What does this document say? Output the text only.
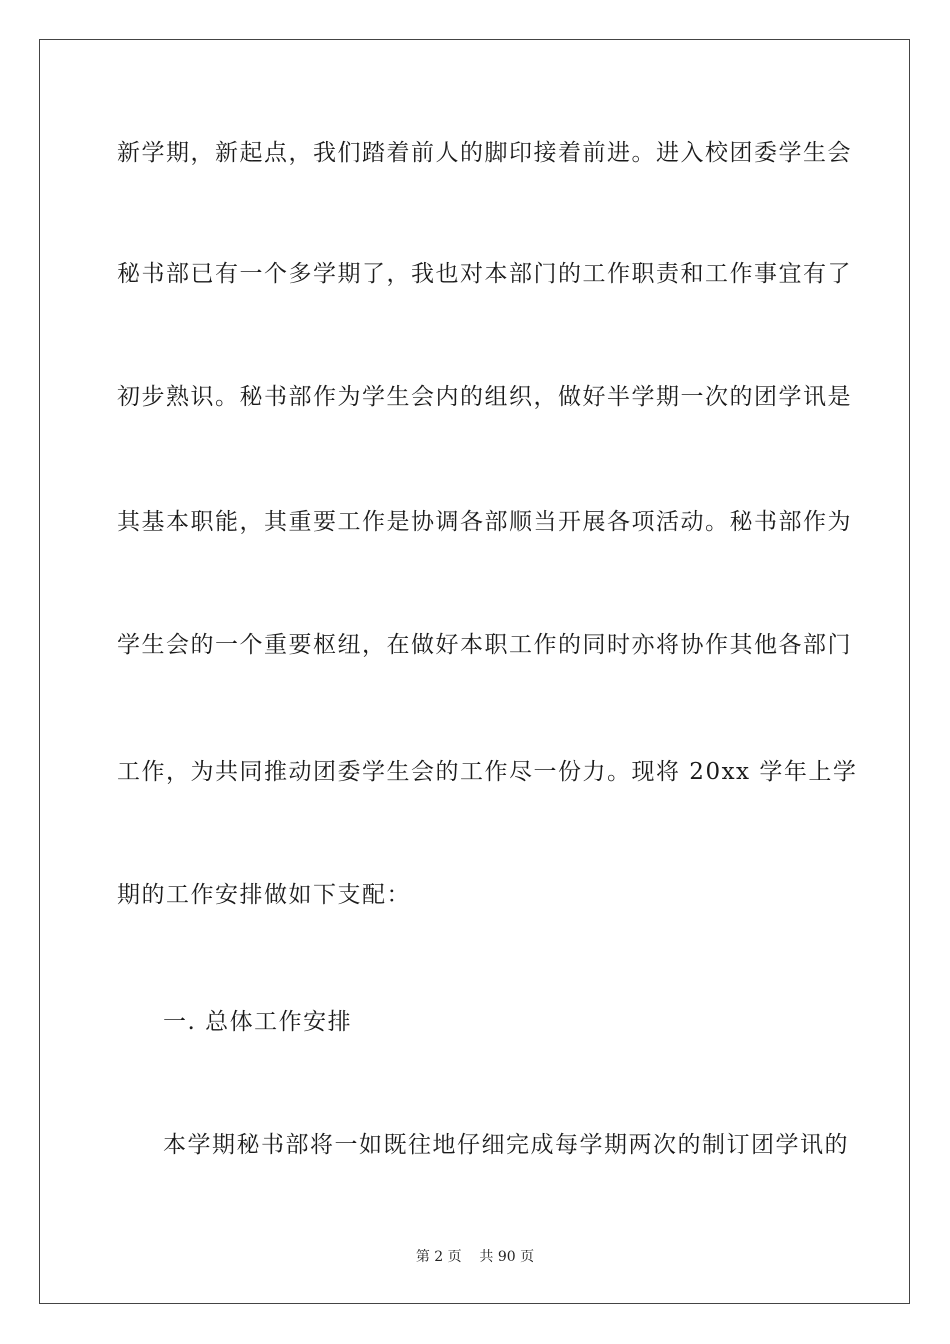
新学期，新起点，我们踏着前人的脚印接着前进。进入校团委学生会
秘书部已有一个多学期了，我也对本部门的工作职责和工作事宜有了
初步熟识。秘书部作为学生会内的组织，做好半学期一次的团学讯是
其基本职能，其重要工作是协调各部顺当开展各项活动。秘书部作为
学生会的一个重要枢纽，在做好本职工作的同时亦将协作其他各部门
工作，为共同推动团委学生会的工作尽一份力。现将 20xx 学年上学
期的工作安排做如下支配：
一. 总体工作安排
本学期秘书部将一如既往地仔细完成每学期两次的制订团学讯的
第 2 页    共 90 页
